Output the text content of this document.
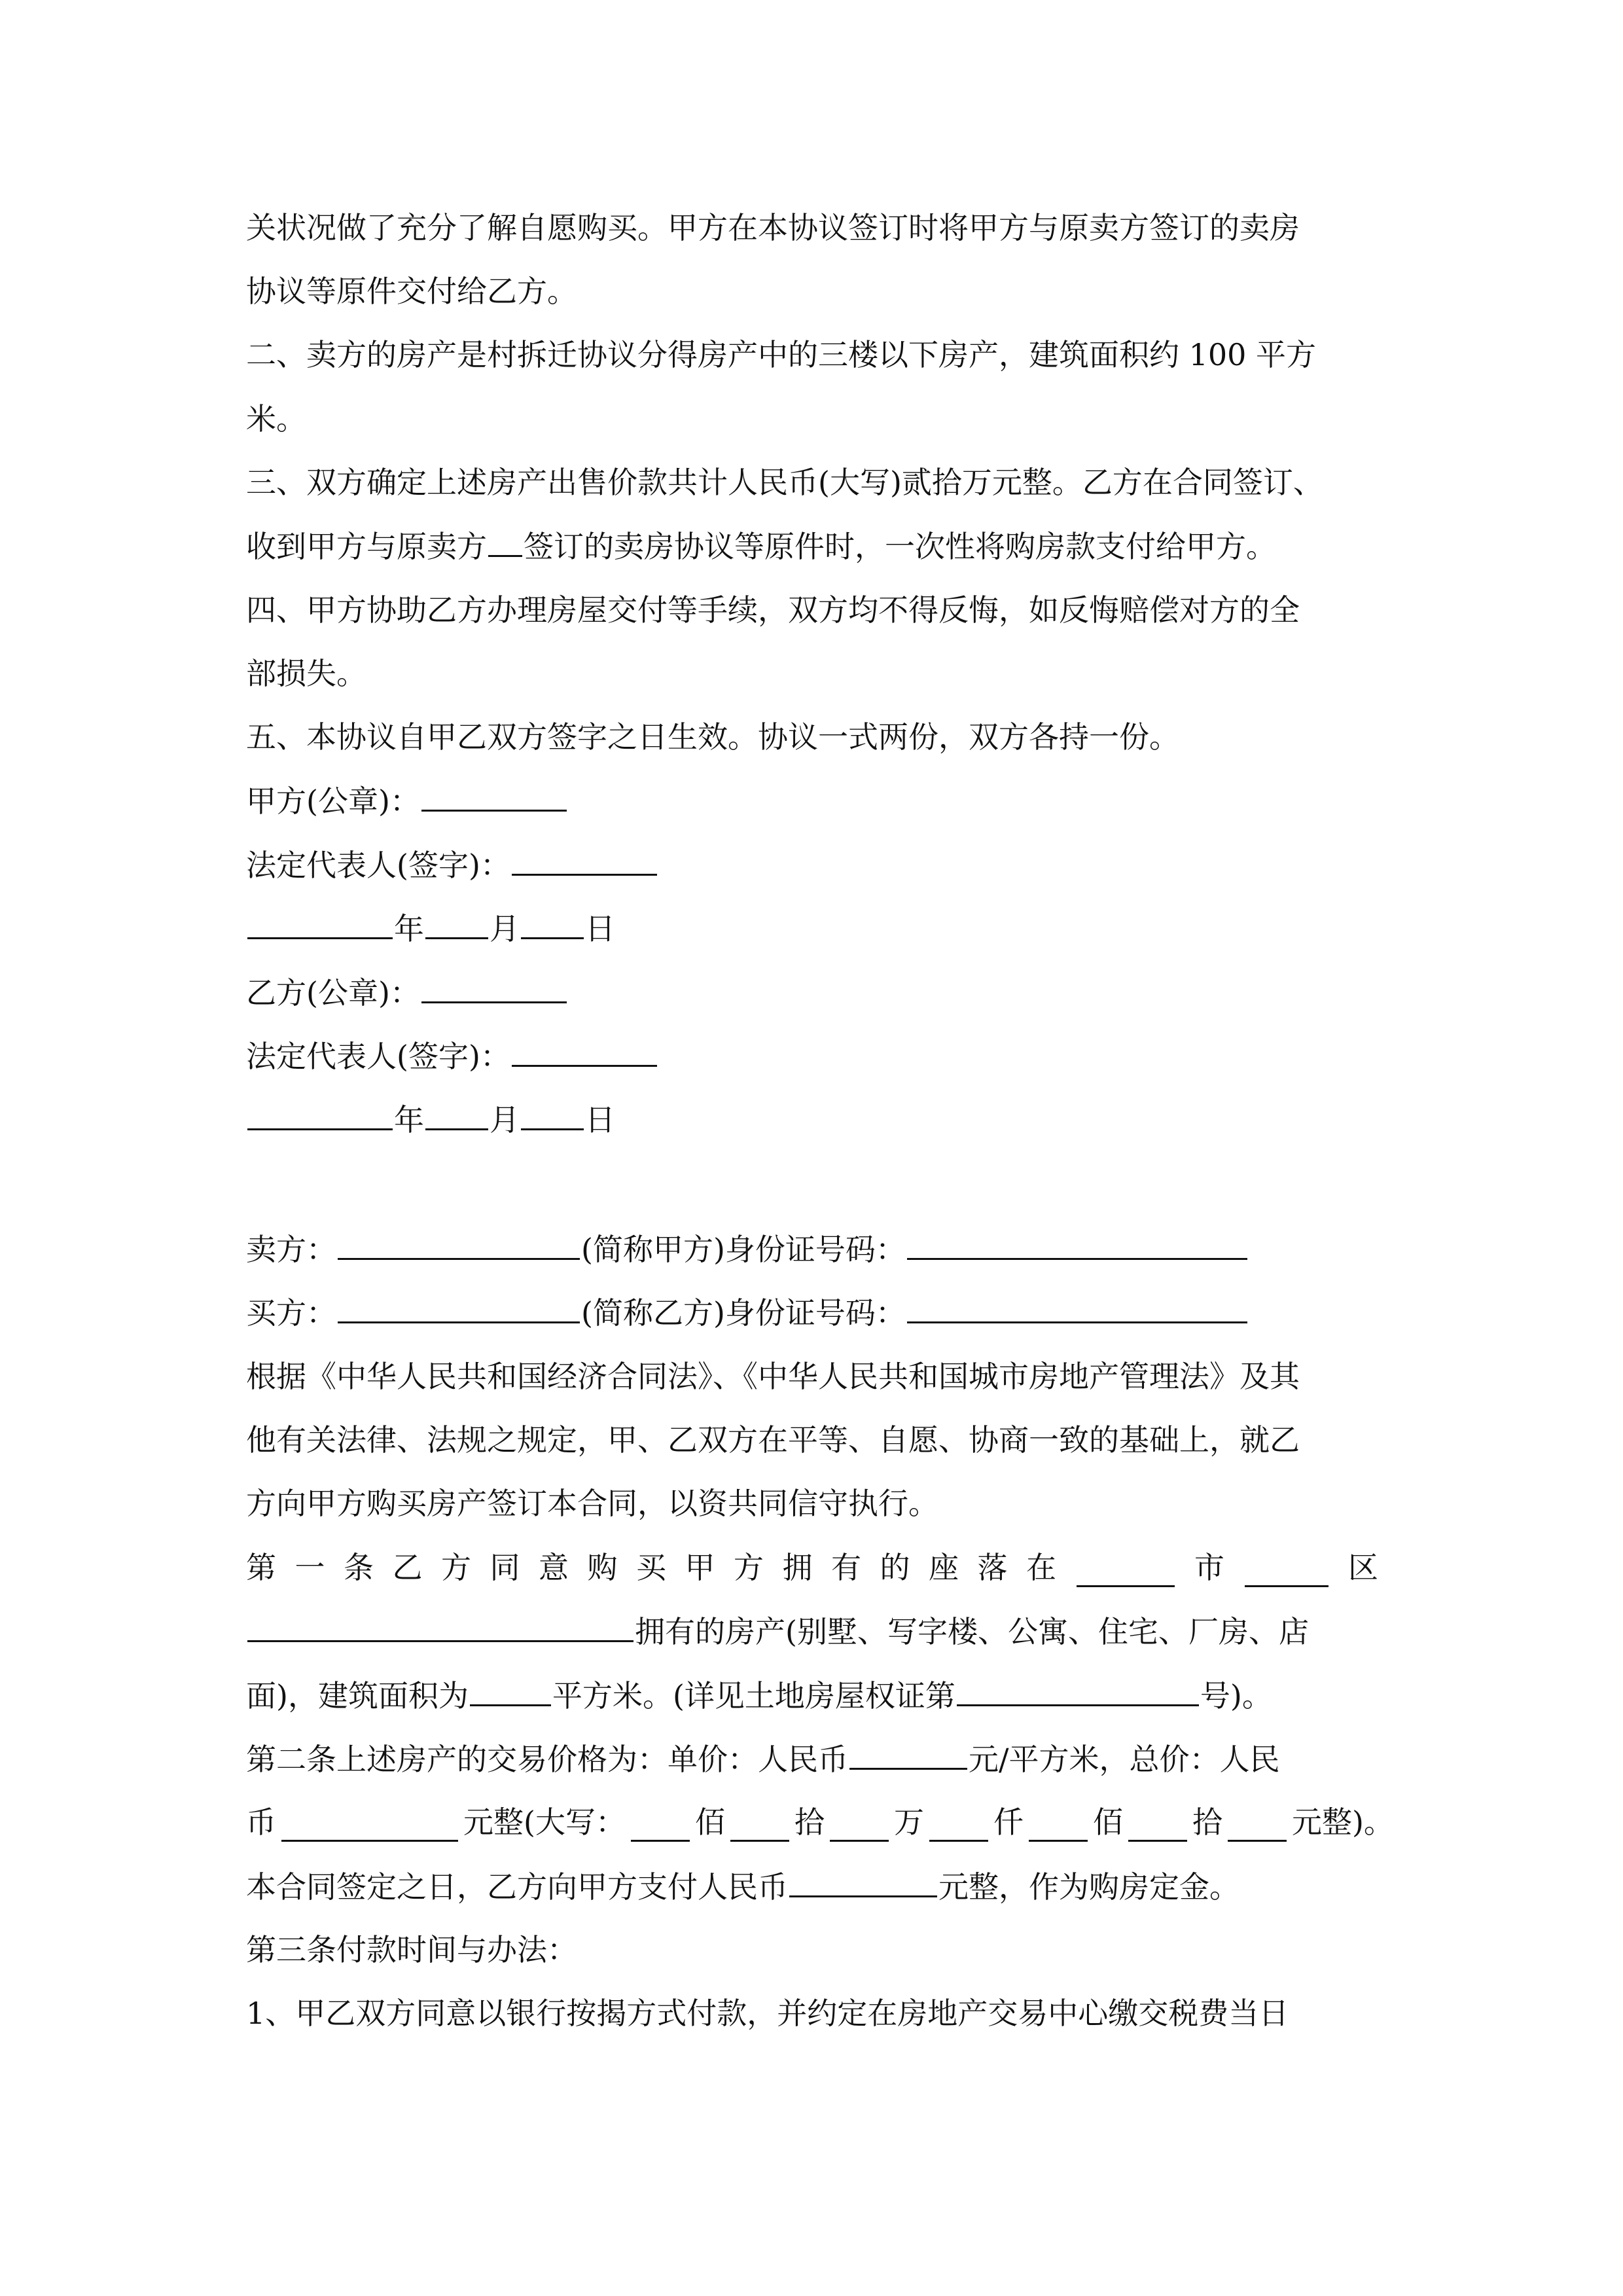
关状况做了充分了解自愿购买。甲方在本协议签订时将甲方与原卖方签订的卖房
协议等原件交付给乙方。
二、卖方的房产是村拆迁协议分得房产中的三楼以下房产，建筑面积约 100 平方
米。
三、双方确定上述房产出售价款共计人民币(大写)贰拾万元整。乙方在合同签订、
收到甲方与原卖方 签订的卖房协议等原件时，一次性将购房款支付给甲方。
四、甲方协助乙方办理房屋交付等手续，双方均不得反悔，如反悔赔偿对方的全
部损失。
五、本协议自甲乙双方签字之日生效。协议一式两份，双方各持一份。
甲方(公章)：
法定代表人(签字)：
年 月 日
乙方(公章)：
法定代表人(签字)：
年 月 日
卖方：	(简称甲方)身份证号码：
买方：	(简称乙方)身份证号码：
根据《中华人民共和国经济合同法》、《中华人民共和国城市房地产管理法》及其
他有关法律、法规之规定，甲、乙双方在平等、自愿、协商一致的基础上，就乙
方向甲方购买房产签订本合同，以资共同信守执行。
第 一 条 乙 方 同 意 购 买 甲 方 拥 有 的 座 落 在	市	区
拥有的房产(别墅、写字楼、公寓、住宅、厂房、店
面)，建筑面积为	平方米。(详见土地房屋权证第	号)。
第二条上述房产的交易价格为：单价：人民币	元/平方米，总价：人民
币	元整(大写： 佰 拾 万 仟 佰 拾 元整)。
本合同签定之日，乙方向甲方支付人民币	元整，作为购房定金。
第三条付款时间与办法：
1、甲乙双方同意以银行按揭方式付款，并约定在房地产交易中心缴交税费当日
